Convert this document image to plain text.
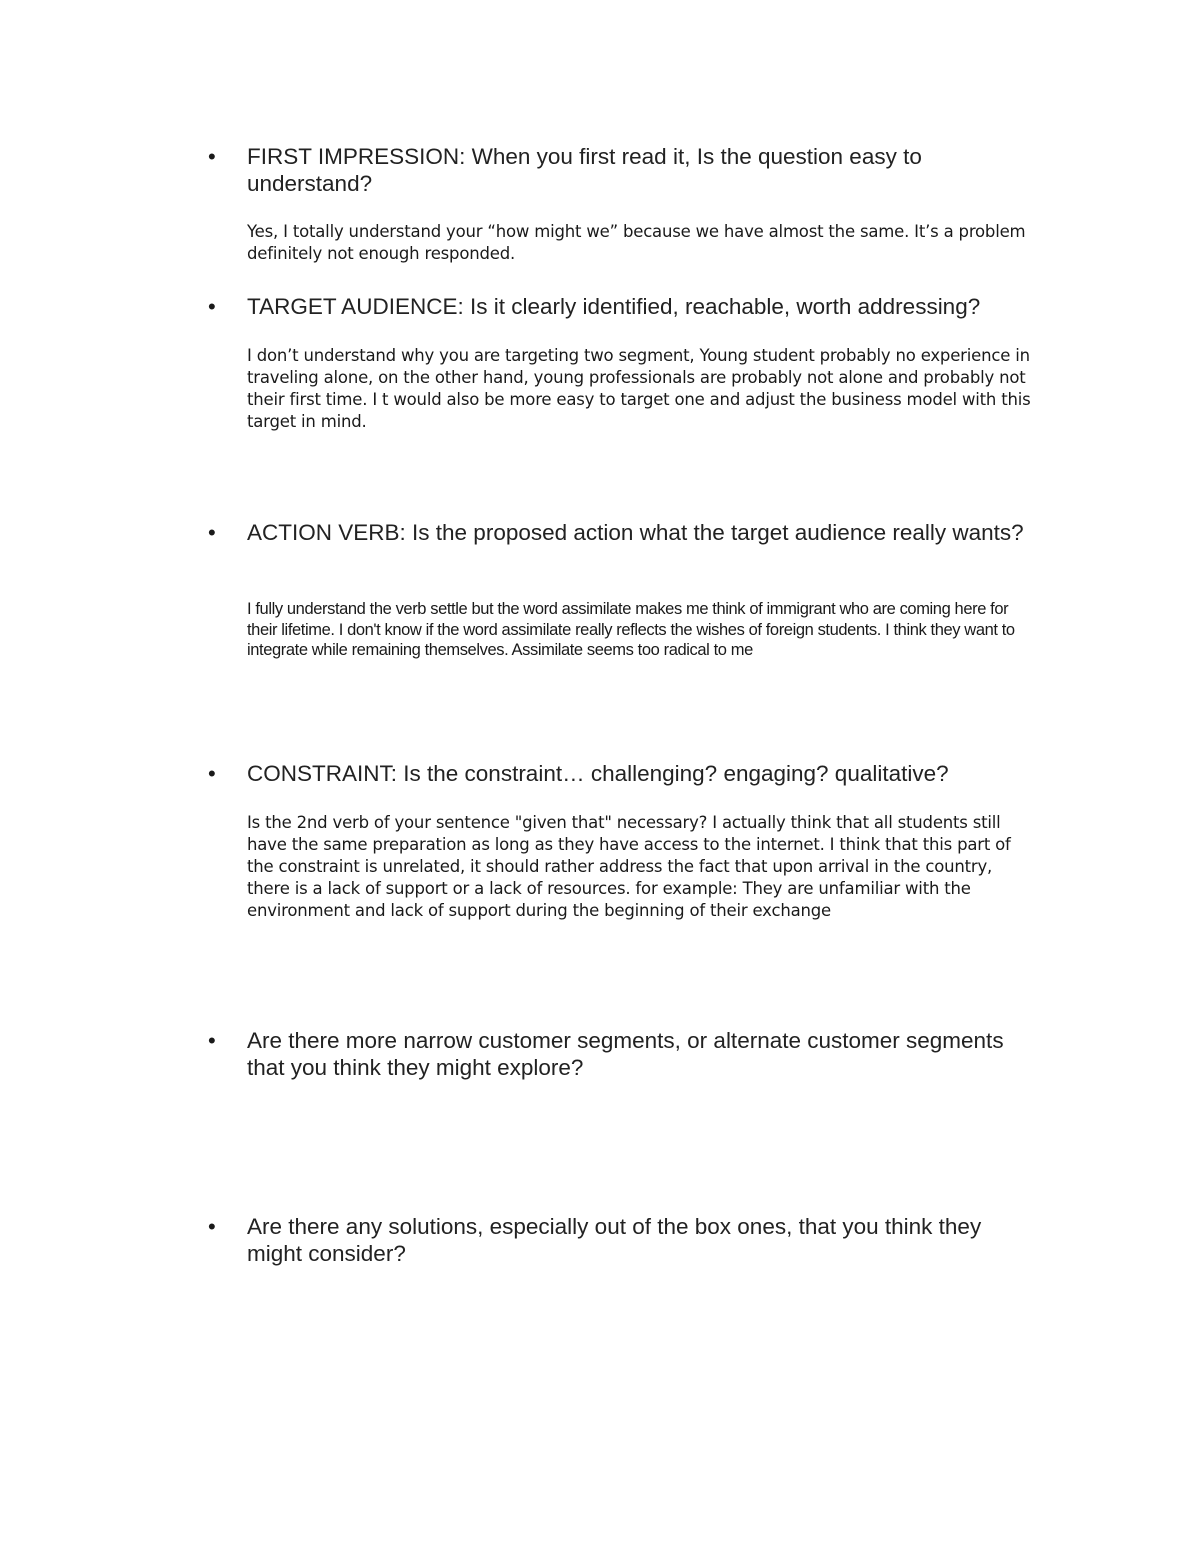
• FIRST IMPRESSION: When you first read it, Is the question easy to understand?

Yes, I totally understand your “how might we” because we have almost the same. It’s a problem definitely not enough responded.

• TARGET AUDIENCE: Is it clearly identified, reachable, worth addressing?

I don’t understand why you are targeting two segment, Young student probably no experience in traveling alone, on the other hand, young professionals are probably not alone and probably not their first time. I t would also be more easy to target one and adjust the business model with this target in mind.

• ACTION VERB: Is the proposed action what the target audience really wants?

I fully understand the verb settle but the word assimilate makes me think of immigrant who are coming here for their lifetime. I don't know if the word assimilate really reflects the wishes of foreign students. I think they want to integrate while remaining themselves. Assimilate seems too radical to me

• CONSTRAINT: Is the constraint… challenging? engaging? qualitative?

Is the 2nd verb of your sentence "given that" necessary? I actually think that all students still have the same preparation as long as they have access to the internet. I think that this part of the constraint is unrelated, it should rather address the fact that upon arrival in the country, there is a lack of support or a lack of resources. for example: They are unfamiliar with the environment and lack of support during the beginning of their exchange

• Are there more narrow customer segments, or alternate customer segments that you think they might explore?

• Are there any solutions, especially out of the box ones, that you think they might consider?
